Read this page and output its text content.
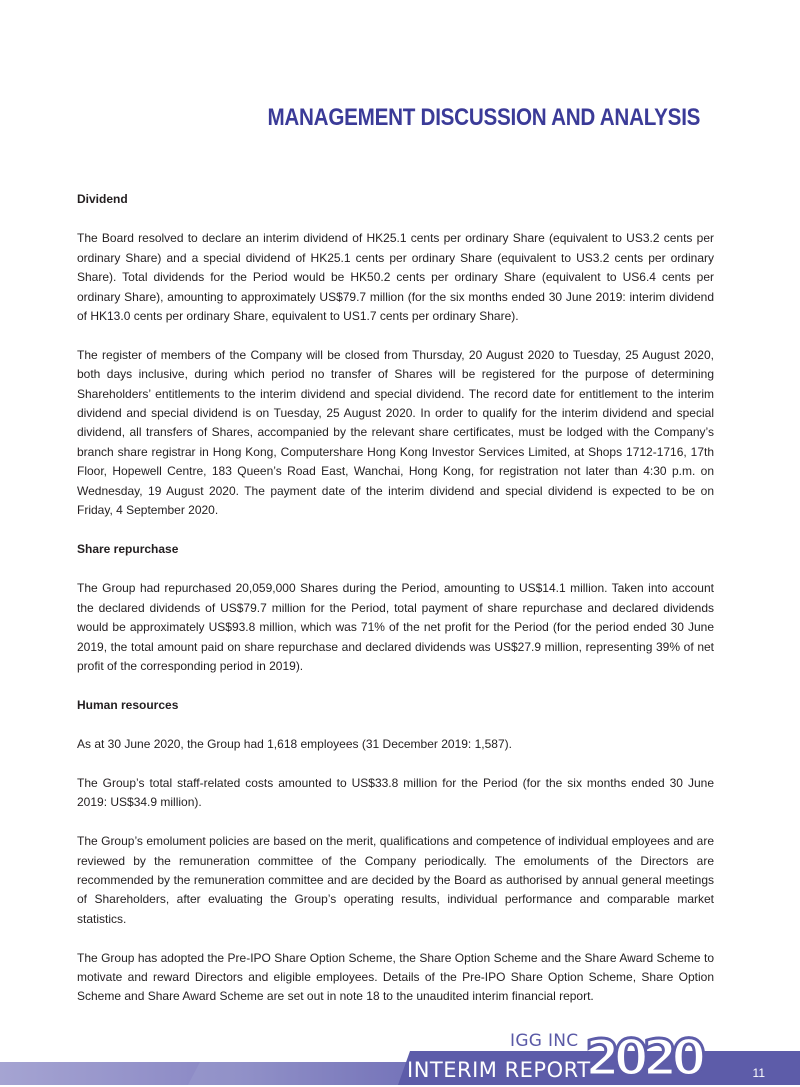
MANAGEMENT DISCUSSION AND ANALYSIS
Dividend

The Board resolved to declare an interim dividend of HK25.1 cents per ordinary Share (equivalent to US3.2 cents per ordinary Share) and a special dividend of HK25.1 cents per ordinary Share (equivalent to US3.2 cents per ordinary Share). Total dividends for the Period would be HK50.2 cents per ordinary Share (equivalent to US6.4 cents per ordinary Share), amounting to approximately US$79.7 million (for the six months ended 30 June 2019: interim dividend of HK13.0 cents per ordinary Share, equivalent to US1.7 cents per ordinary Share).

The register of members of the Company will be closed from Thursday, 20 August 2020 to Tuesday, 25 August 2020, both days inclusive, during which period no transfer of Shares will be registered for the purpose of determining Shareholders’ entitlements to the interim dividend and special dividend. The record date for entitlement to the interim dividend and special dividend is on Tuesday, 25 August 2020. In order to qualify for the interim dividend and special dividend, all transfers of Shares, accompanied by the relevant share certificates, must be lodged with the Company’s branch share registrar in Hong Kong, Computershare Hong Kong Investor Services Limited, at Shops 1712-1716, 17th Floor, Hopewell Centre, 183 Queen’s Road East, Wanchai, Hong Kong, for registration not later than 4:30 p.m. on Wednesday, 19 August 2020. The payment date of the interim dividend and special dividend is expected to be on Friday, 4 September 2020.

Share repurchase

The Group had repurchased 20,059,000 Shares during the Period, amounting to US$14.1 million. Taken into account the declared dividends of US$79.7 million for the Period, total payment of share repurchase and declared dividends would be approximately US$93.8 million, which was 71% of the net profit for the Period (for the period ended 30 June 2019, the total amount paid on share repurchase and declared dividends was US$27.9 million, representing 39% of net profit of the corresponding period in 2019).

Human resources

As at 30 June 2020, the Group had 1,618 employees (31 December 2019: 1,587).

The Group’s total staff-related costs amounted to US$33.8 million for the Period (for the six months ended 30 June 2019: US$34.9 million).

The Group’s emolument policies are based on the merit, qualifications and competence of individual employees and are reviewed by the remuneration committee of the Company periodically. The emoluments of the Directors are recommended by the remuneration committee and are decided by the Board as authorised by annual general meetings of Shareholders, after evaluating the Group’s operating results, individual performance and comparable market statistics.

The Group has adopted the Pre-IPO Share Option Scheme, the Share Option Scheme and the Share Award Scheme to motivate and reward Directors and eligible employees. Details of the Pre-IPO Share Option Scheme, Share Option Scheme and Share Award Scheme are set out in note 18 to the unaudited interim financial report.

IGG INC
INTERIM REPORT
2020	11
